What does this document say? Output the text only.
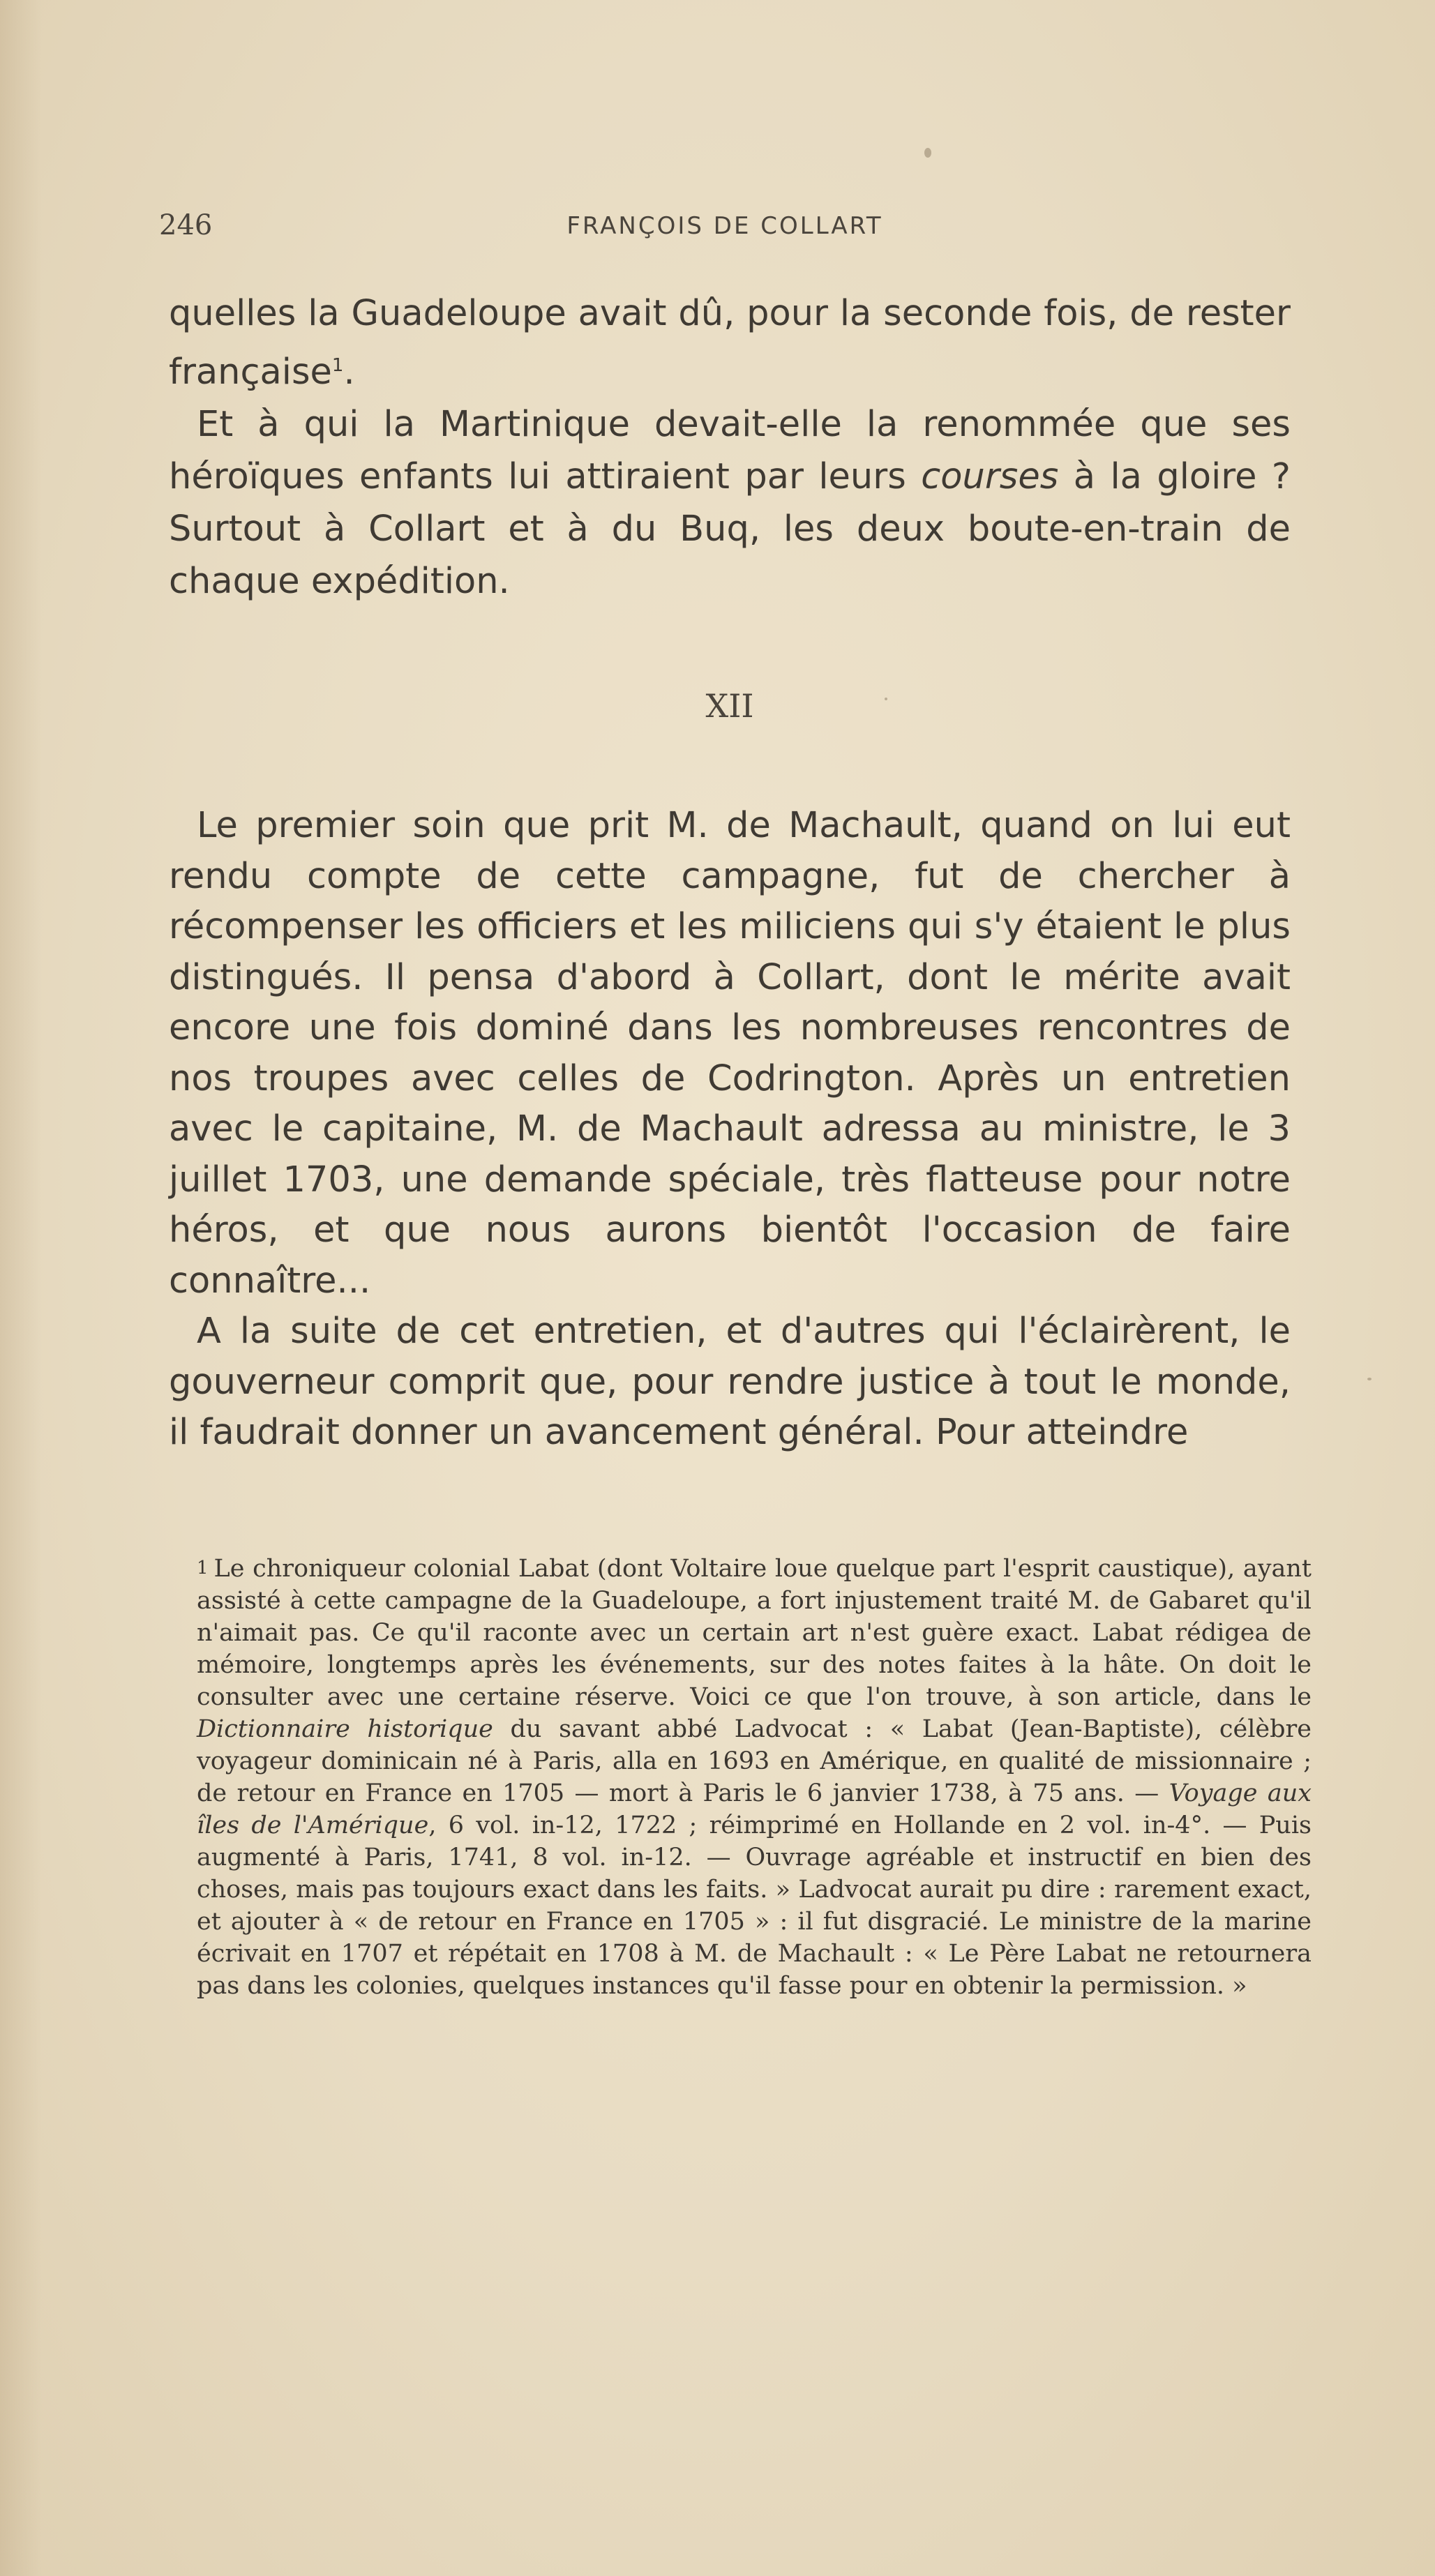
246	FRANÇOIS DE COLLART

quelles la Guadeloupe avait dû, pour la seconde fois, de rester française$^1$.

Et à qui la Martinique devait-elle la renommée que ses héroïques enfants lui attiraient par leurs courses à la gloire ? Surtout à Collart et à du Buq, les deux boute-en-train de chaque expédition.

XII

Le premier soin que prit M. de Machault, quand on lui eut rendu compte de cette campagne, fut de chercher à récompenser les officiers et les miliciens qui s'y étaient le plus distingués. Il pensa d'abord à Collart, dont le mérite avait encore une fois dominé dans les nombreuses rencontres de nos troupes avec celles de Codrington. Après un entretien avec le capitaine, M. de Machault adressa au ministre, le 3 juillet 1703, une demande spéciale, très flatteuse pour notre héros, et que nous aurons bientôt l'occasion de faire connaître...

A la suite de cet entretien, et d'autres qui l'éclairèrent, le gouverneur comprit que, pour rendre justice à tout le monde, il faudrait donner un avancement général. Pour atteindre

1 Le chroniqueur colonial Labat (dont Voltaire loue quelque part l'esprit caustique), ayant assisté à cette campagne de la Guadeloupe, a fort injustement traité M. de Gabaret qu'il n'aimait pas. Ce qu'il raconte avec un certain art n'est guère exact. Labat rédigea de mémoire, longtemps après les événements, sur des notes faites à la hâte. On doit le consulter avec une certaine réserve. Voici ce que l'on trouve, à son article, dans le Dictionnaire historique du savant abbé Ladvocat : « Labat (Jean-Baptiste), célèbre voyageur dominicain né à Paris, alla en 1693 en Amérique, en qualité de missionnaire ; de retour en France en 1705 — mort à Paris le 6 janvier 1738, à 75 ans. — Voyage aux îles de l'Amérique, 6 vol. in-12, 1722 ; réimprimé en Hollande en 2 vol. in-4°. — Puis augmenté à Paris, 1741, 8 vol. in-12. — Ouvrage agréable et instructif en bien des choses, mais pas toujours exact dans les faits. » Ladvocat aurait pu dire : rarement exact, et ajouter à « de retour en France en 1705 » : il fut disgracié. Le ministre de la marine écrivait en 1707 et répétait en 1708 à M. de Machault : « Le Père Labat ne retournera pas dans les colonies, quelques instances qu'il fasse pour en obtenir la permission. »
